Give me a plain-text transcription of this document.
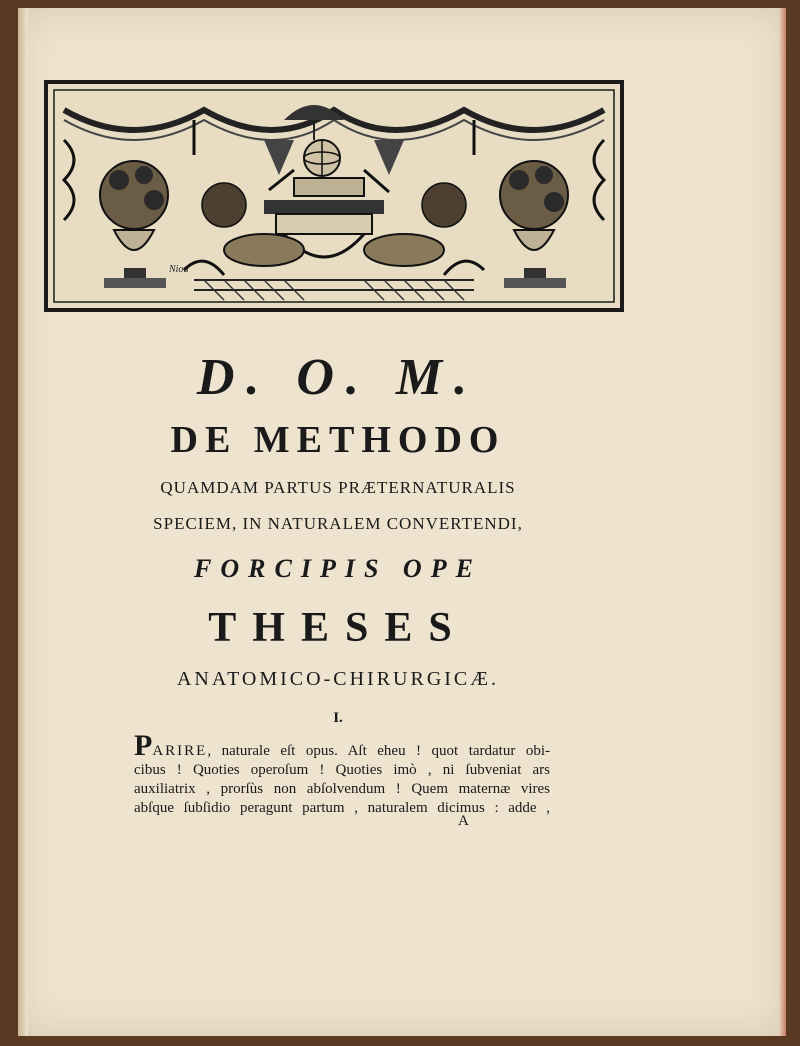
Niou
D. O. M.
DE METHODO
QUAMDAM PARTUS PRÆTERNATURALIS
SPECIEM, IN NATURALEM CONVERTENDI,
FORCIPIS OPE
THESES
ANATOMICO-CHIRURGICÆ.
I.
PARIRE, naturale eſt opus. Aſt eheu ! quot tardatur obi-
cibus ! Quoties operoſum ! Quoties imò , ni ſubveniat ars
auxiliatrix , prorſùs non abſolvendum ! Quem maternæ vires
abſque ſubſidio peragunt partum , naturalem dicimus : adde ,
A
